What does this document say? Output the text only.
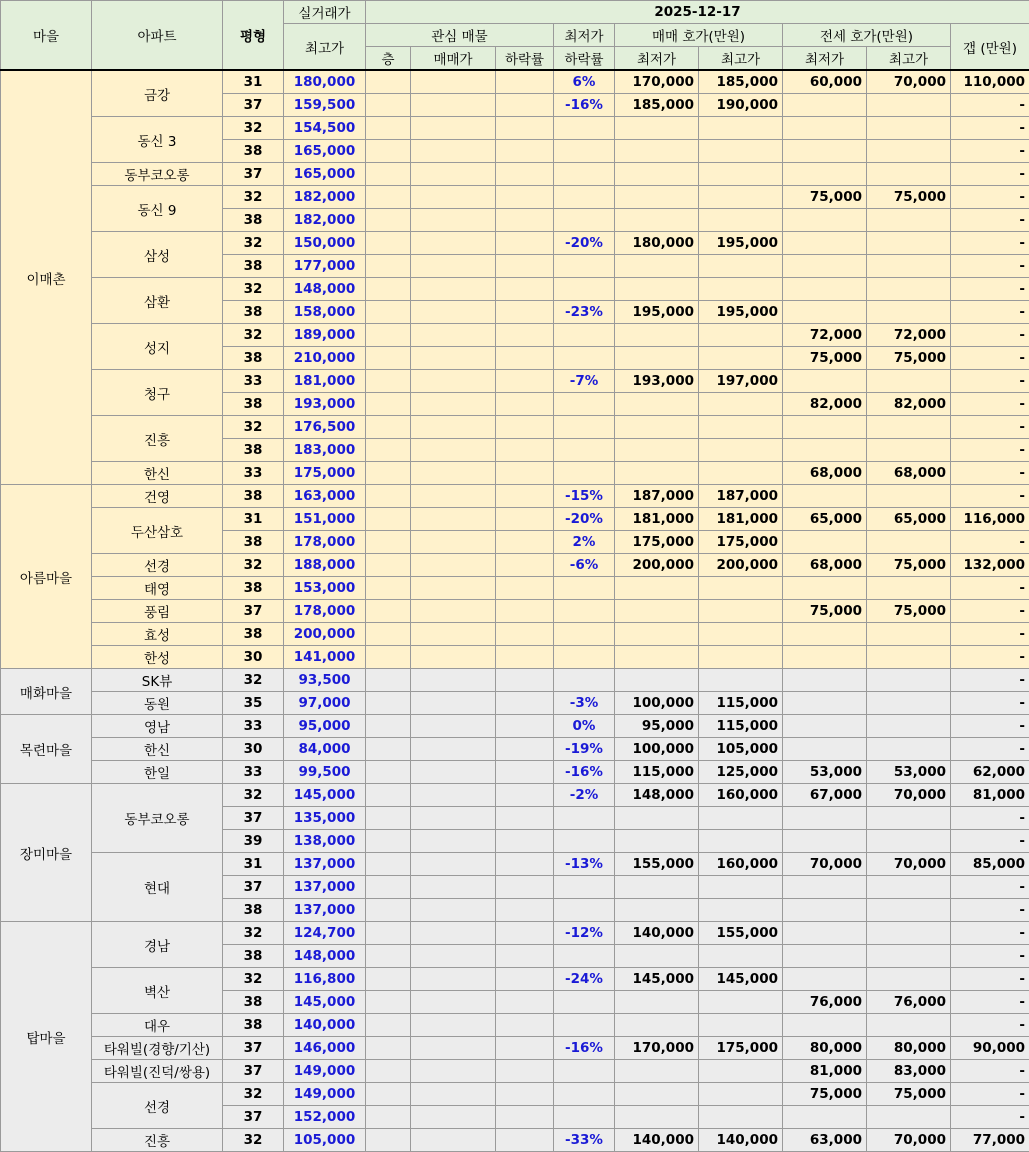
마을	아파트	평형	실거래가	2025-12-17								
			최고가	관심 매물			최저가	매매 호가(만원)		전세 호가(만원)		갭 (만원)
				층	매매가	하락률	하락률	최저가	최고가	최저가	최고가	
이매촌	금강	31	180,000				6%	170,000	185,000	60,000	70,000	110,000
		37	159,500				-16%	185,000	190,000			-
	동신 3	32	154,500									-
		38	165,000									-
	동부코오롱	37	165,000									-
	동신 9	32	182,000							75,000	75,000	-
		38	182,000									-
	삼성	32	150,000				-20%	180,000	195,000			-
		38	177,000									-
	삼환	32	148,000									-
		38	158,000				-23%	195,000	195,000			-
	성지	32	189,000							72,000	72,000	-
		38	210,000							75,000	75,000	-
	청구	33	181,000				-7%	193,000	197,000			-
		38	193,000							82,000	82,000	-
	진흥	32	176,500									-
		38	183,000									-
	한신	33	175,000							68,000	68,000	-
아름마을	건영	38	163,000				-15%	187,000	187,000			-
	두산삼호	31	151,000				-20%	181,000	181,000	65,000	65,000	116,000
		38	178,000				2%	175,000	175,000			-
	선경	32	188,000				-6%	200,000	200,000	68,000	75,000	132,000
	태영	38	153,000									-
	풍림	37	178,000							75,000	75,000	-
	효성	38	200,000									-
	한성	30	141,000									-
매화마을	SK뷰	32	93,500									-
	동원	35	97,000				-3%	100,000	115,000			-
목련마을	영남	33	95,000				0%	95,000	115,000			-
	한신	30	84,000				-19%	100,000	105,000			-
	한일	33	99,500				-16%	115,000	125,000	53,000	53,000	62,000
장미마을	동부코오롱	32	145,000				-2%	148,000	160,000	67,000	70,000	81,000
		37	135,000									-
		39	138,000									-
	현대	31	137,000				-13%	155,000	160,000	70,000	70,000	85,000
		37	137,000									-
		38	137,000									-
탑마을	경남	32	124,700				-12%	140,000	155,000			-
		38	148,000									-
	벽산	32	116,800				-24%	145,000	145,000			-
		38	145,000							76,000	76,000	-
	대우	38	140,000									-
	타워빌(경향/기산)	37	146,000				-16%	170,000	175,000	80,000	80,000	90,000
	타워빌(진덕/쌍용)	37	149,000							81,000	83,000	-
	선경	32	149,000							75,000	75,000	-
		37	152,000									-
	진흥	32	105,000				-33%	140,000	140,000	63,000	70,000	77,000
